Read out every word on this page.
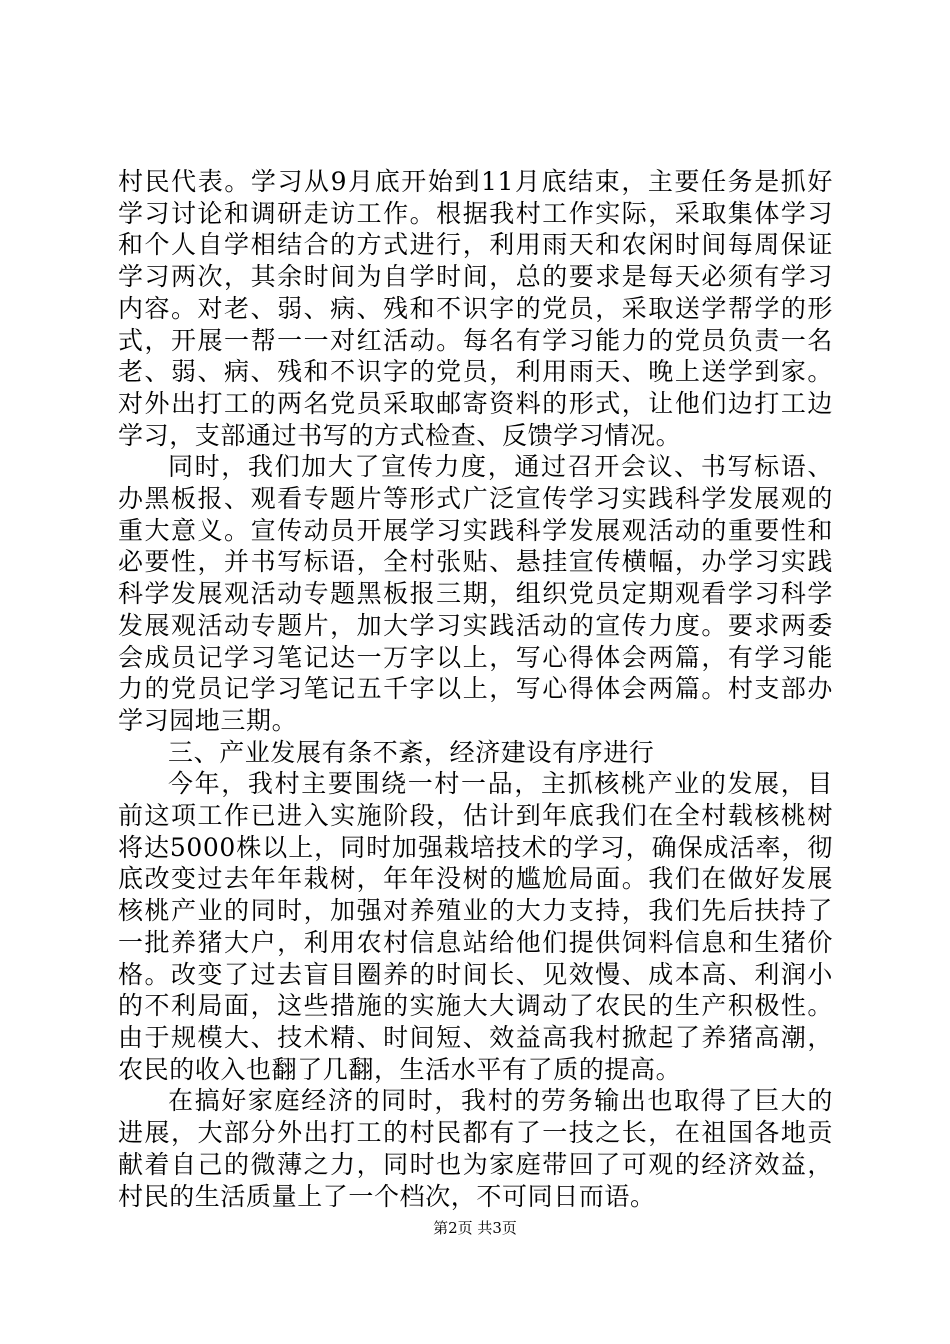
村民代表。学习从9月底开始到11月底结束，主要任务是抓好学习讨论和调研走访工作。根据我村工作实际，采取集体学习和个人自学相结合的方式进行，利用雨天和农闲时间每周保证学习两次，其余时间为自学时间，总的要求是每天必须有学习内容。对老、弱、病、残和不识字的党员，采取送学帮学的形式，开展一帮一一对红活动。每名有学习能力的党员负责一名老、弱、病、残和不识字的党员，利用雨天、晚上送学到家。对外出打工的两名党员采取邮寄资料的形式，让他们边打工边学习，支部通过书写的方式检查、反馈学习情况。

同时，我们加大了宣传力度，通过召开会议、书写标语、办黑板报、观看专题片等形式广泛宣传学习实践科学发展观的重大意义。宣传动员开展学习实践科学发展观活动的重要性和必要性，并书写标语，全村张贴、悬挂宣传横幅，办学习实践科学发展观活动专题黑板报三期，组织党员定期观看学习科学发展观活动专题片，加大学习实践活动的宣传力度。要求两委会成员记学习笔记达一万字以上，写心得体会两篇，有学习能力的党员记学习笔记五千字以上，写心得体会两篇。村支部办学习园地三期。

三、产业发展有条不紊，经济建设有序进行

今年，我村主要围绕一村一品，主抓核桃产业的发展，目前这项工作已进入实施阶段，估计到年底我们在全村载核桃树将达5000株以上，同时加强栽培技术的学习，确保成活率，彻底改变过去年年栽树，年年没树的尴尬局面。我们在做好发展核桃产业的同时，加强对养殖业的大力支持，我们先后扶持了一批养猪大户，利用农村信息站给他们提供饲料信息和生猪价格。改变了过去盲目圈养的时间长、见效慢、成本高、利润小的不利局面，这些措施的实施大大调动了农民的生产积极性。由于规模大、技术精、时间短、效益高我村掀起了养猪高潮，农民的收入也翻了几翻，生活水平有了质的提高。

在搞好家庭经济的同时，我村的劳务输出也取得了巨大的进展，大部分外出打工的村民都有了一技之长，在祖国各地贡献着自己的微薄之力，同时也为家庭带回了可观的经济效益，村民的生活质量上了一个档次，不可同日而语。

第2页 共3页
